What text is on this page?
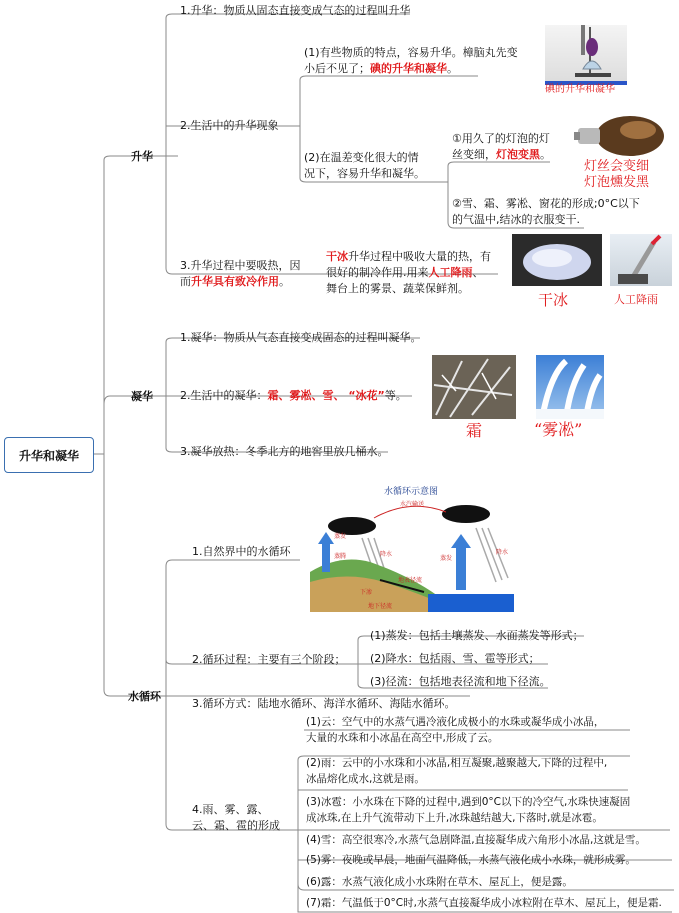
升华和凝华
升华
1.升华：物质从固态直接变成气态的过程叫升华
2.生活中的升华现象
(1)有些物质的特点，容易升华。樟脑丸先变
小后不见了；碘的升华和凝华。
(2)在温差变化很大的情
况下，容易升华和凝华。
①用久了的灯泡的灯
丝变细，灯泡变黑。
②雪、霜、雾凇、窗花的形成;0°C以下
的气温中,结冰的衣服变干.
3.升华过程中要吸热，因
而升华具有致冷作用。
干冰升华过程中吸收大量的热，有
很好的制冷作用.用来人工降雨、
舞台上的雾景、蔬菜保鲜剂。
碘的升华和凝华
灯丝会变细
灯泡燻发黑
干冰	人工降雨
凝华
1.凝华：物质从气态直接变成固态的过程叫凝华。
2.生活中的凝华：霜、雾凇、雪、 “冰花”等。
3.凝华放热：冬季北方的地窖里放几桶水。
霜	“雾凇”
水循环
1.自然界中的水循环
水循环示意图
水汽输送
蒸发
蒸腾	降水
地表径流
下渗
地下径流
蒸发
降水
2.循环过程：主要有三个阶段；
(1)蒸发：包括土壤蒸发、水面蒸发等形式；
(2)降水：包括雨、雪、雹等形式；
(3)径流：包括地表径流和地下径流。
3.循环方式：陆地水循环、海洋水循环、海陆水循环。
4.雨、雾、露、
云、霜、雹的形成
(1)云：空气中的水蒸气遇冷液化成极小的水珠或凝华成小冰晶，
大量的水珠和小冰晶在高空中,形成了云。
(2)雨：云中的小水珠和小冰晶,相互凝聚,越聚越大,下降的过程中,
冰晶熔化成水,这就是雨。
(3)冰雹：小水珠在下降的过程中,遇到0°C以下的冷空气,水珠快速凝固
成冰珠,在上升气流带动下上升,冰珠越结越大,下落时,就是冰雹。
(4)雪：高空很寒冷,水蒸气急剧降温,直接凝华成六角形小冰晶,这就是雪。
(5)雾：夜晚或早晨，地面气温降低，水蒸气液化成小水珠，就形成雾。
(6)露：水蒸气液化成小水珠附在草木、屋瓦上，便是露。
(7)霜：气温低于0°C时,水蒸气直接凝华成小冰粒附在草木、屋瓦上，便是霜.
